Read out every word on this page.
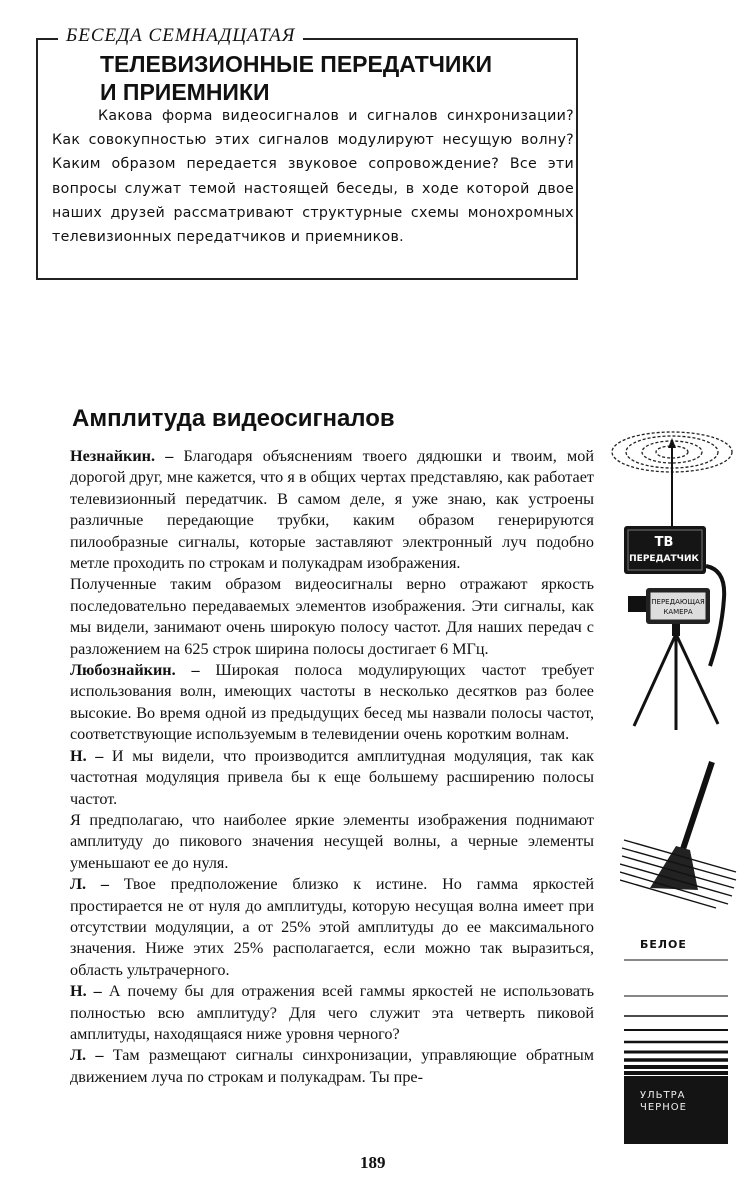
БЕСЕДА СЕМНАДЦАТАЯ
ТЕЛЕВИЗИОННЫЕ ПЕРЕДАТЧИКИ
И ПРИЕМНИКИ

Какова форма видеосигналов и сигналов синхронизации? Как совокупностью этих сигналов модулируют несущую волну? Каким образом передается звуковое сопровождение? Все эти вопросы служат темой настоящей беседы, в ходе которой двое наших друзей рассматривают структурные схемы монохромных телевизионных передатчиков и приемников.

Амплитуда видеосигналов

Незнайкин. – Благодаря объяснениям твоего дядюшки и твоим, мой дорогой друг, мне кажется, что я в общих чертах представляю, как работает телевизионный передатчик. В самом деле, я уже знаю, как устроены различные передающие трубки, каким образом генерируются пилообразные сигналы, которые заставляют электронный луч подобно метле проходить по строкам и полукадрам изображения.

Полученные таким образом видеосигналы верно отражают яркость последовательно передаваемых элементов изображения. Эти сигналы, как мы видели, занимают очень широкую полосу частот. Для наших передач с разложением на 625 строк ширина полосы достигает 6 МГц.

Любознайкин. – Широкая полоса модулирующих частот требует использования волн, имеющих частоты в несколько десятков раз более высокие. Во время одной из предыдущих бесед мы назвали полосы частот, соответствующие используемым в телевидении очень коротким волнам.

Н. – И мы видели, что производится амплитудная модуляция, так как частотная модуляция привела бы к еще большему расширению полосы частот.

Я предполагаю, что наиболее яркие элементы изображения поднимают амплитуду до пикового значения несущей волны, а черные элементы уменьшают ее до нуля.

Л. – Твое предположение близко к истине. Но гамма яркостей простирается не от нуля до амплитуды, которую несущая волна имеет при отсутствии модуляции, а от 25% этой амплитуды до ее максимального значения. Ниже этих 25% располагается, если можно так выразиться, область ультрачерного.

Н. – А почему бы для отражения всей гаммы яркостей не использовать полностью всю амплитуду? Для чего служит эта четверть пиковой амплитуды, находящаяся ниже уровня черного?

Л. – Там размещают сигналы синхронизации, управляющие обратным движением луча по строкам и полукадрам. Ты пре-

ТВ
ПЕРЕДАТЧИК
ПЕРЕДАЮЩАЯ
КАМЕРА
БЕЛОЕ
УЛЬТРА
ЧЕРНОЕ
189
